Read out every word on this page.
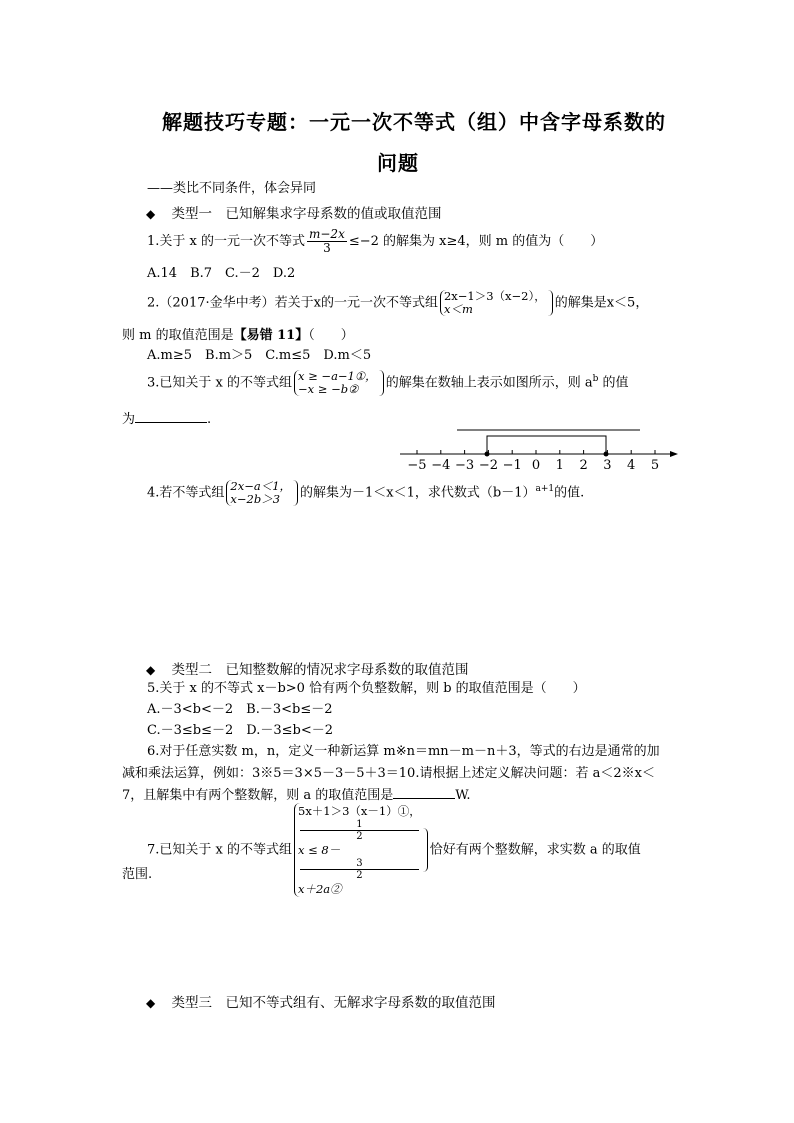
解题技巧专题：一元一次不等式（组）中含字母系数的
问题
——类比不同条件，体会异同
◆ 类型一　已知解集求字母系数的值或取值范围
1.关于 x 的一元一次不等式 $\frac{m-2x}{3} \le-2$ 的解集为 x≥4，则 m 的值为（　　）
A.14　B.7　C.－2　D.2
2.（2017·金华中考）若关于x的一元一次不等式组 2x−1＞3（x−2），
x＜m	的解集是x＜5，
则 m 的取值范围是【易错 11】（　　）
A.m≥5　B.m＞5　C.m≤5　D.m＜5
3.已知关于 x 的不等式组 x ≥ −a−1①，
−x ≥ −b②	的解集在数轴上表示如图所示，则 $a^b$ 的值
为	.
−5 −4 −3 −2 −1 0 1 2 3 4 5
4.若不等式组 2x−a＜1，
x−2b＞3	的解集为－1＜x＜1，求代数式$(b-1)^{a+1}$的值.
◆ 类型二　已知整数解的情况求字母系数的取值范围
5.关于 x 的不等式 x－b>0 恰有两个负整数解，则 b 的取值范围是（　　）
A.－3<b<－2　B.－3<b≤－2
C.－3≤b≤－2　D.－3≤b<－2
6.对于任意实数 m，n，定义一种新运算 m※n＝mn－m－n＋3，等式的右边是通常的加
减和乘法运算，例如：3※5＝3×5－3－5＋3＝10.请根据上述定义解决问题：若 a＜2※x＜
7，且解集中有两个整数解，则 a 的取值范围是	W.
7.已知关于 x 的不等式组
5x＋1＞3（x－1）①，
1
2
x ≤ 8－
3
2
x＋2a②
恰好有两个整数解，求实数 a 的取值
范围.
◆ 类型三　已知不等式组有、无解求字母系数的取值范围
